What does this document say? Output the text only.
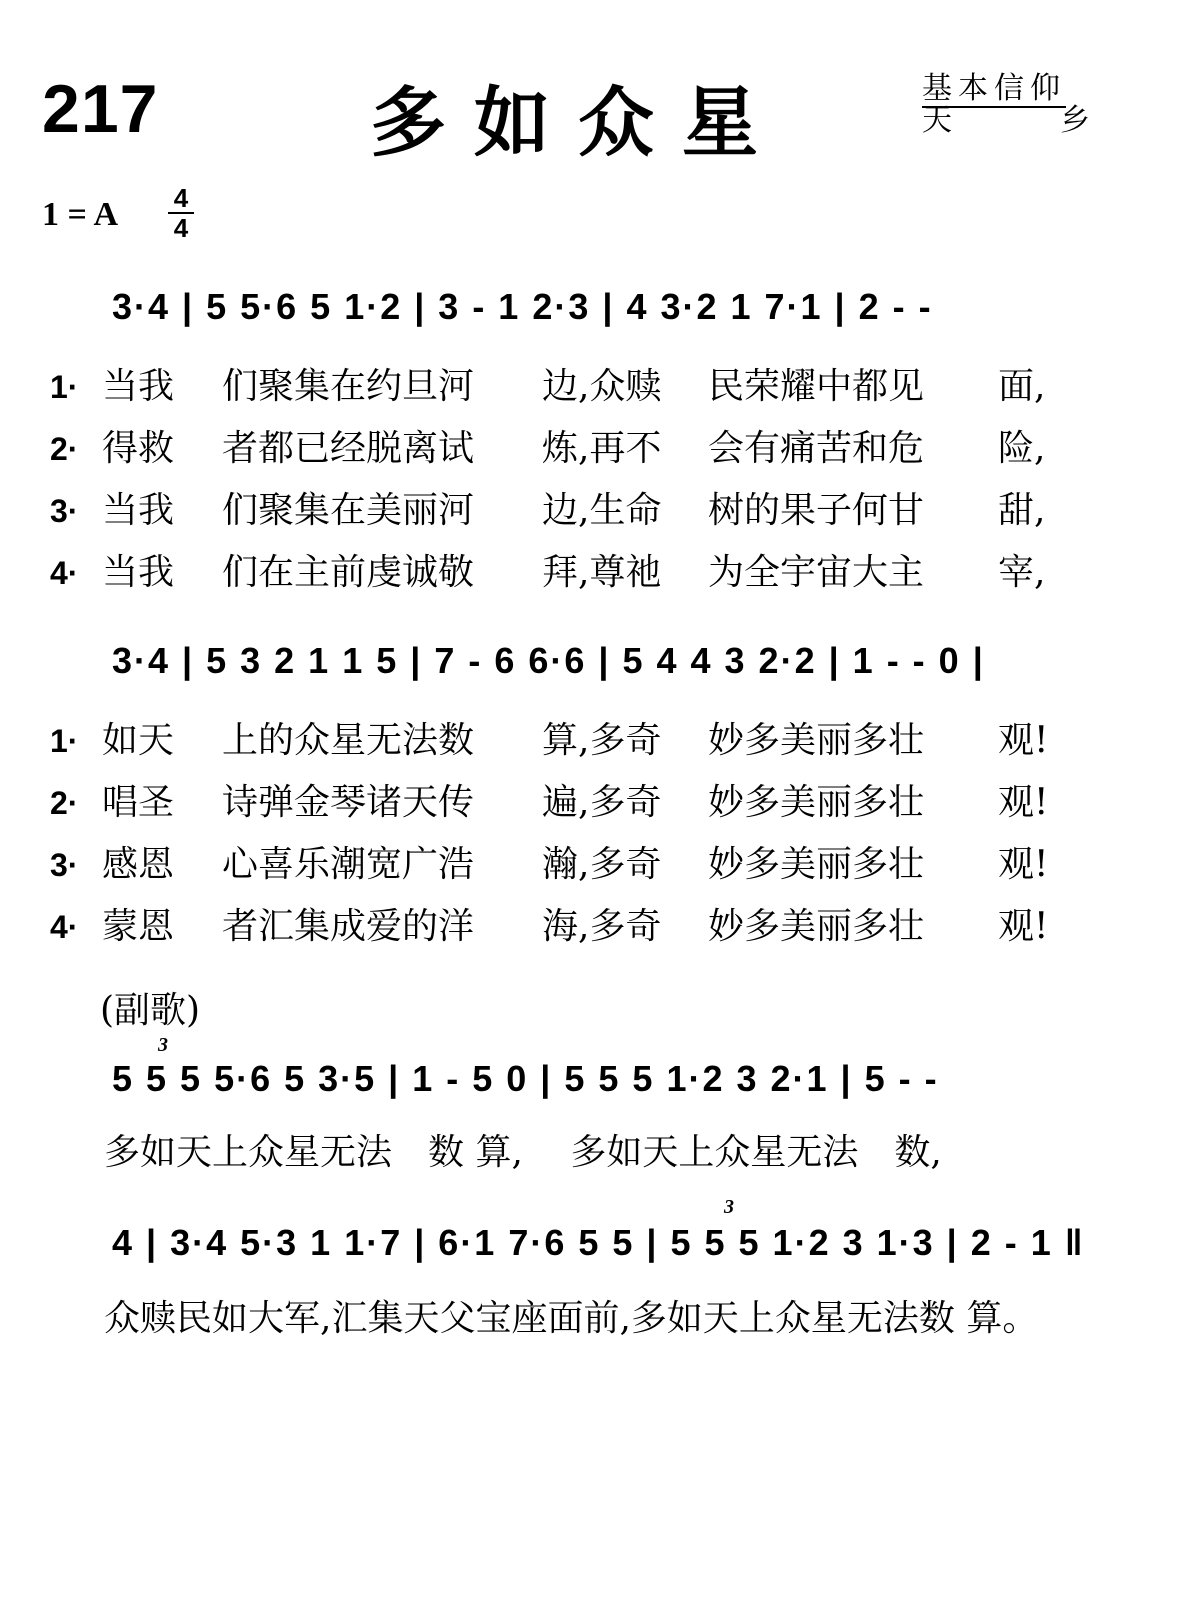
217	多如众星	基本信仰
天	乡
1 = A $\frac{4}{4}$
3·4 | 5 5·6 5 1·2 | 3 - 1 2·3 | 4 3·2 1 7·1 | 2 - -
1· 当我 们聚集在约旦河 边,众赎 民荣耀中都见 面,
2· 得救 者都已经脱离试 炼,再不 会有痛苦和危 险,
3· 当我 们聚集在美丽河 边,生命 树的果子何甘 甜,
4· 当我 们在主前虔诚敬 拜,尊祂 为全宇宙大主 宰,
3·4 | 5 3 2 1 1 5 | 7 - 6 6·6 | 5 4 4 3 2·2 | 1 - - 0 |
1· 如天 上的众星无法数 算,多奇 妙多美丽多壮 观!
2· 唱圣 诗弹金琴诸天传 遍,多奇 妙多美丽多壮 观!
3· 感恩 心喜乐潮宽广浩 瀚,多奇 妙多美丽多壮 观!
4· 蒙恩 者汇集成爱的洋 海,多奇 妙多美丽多壮 观!
(副歌)
3
5 5 5 5·6 5 3·5 | 1 - 5 0 | 5 5 5 1·2 3 2·1 | 5 - -
多如天上众星无法　数 算,　 多如天上众星无法　数,
3
4 | 3·4 5·3 1 1·7 | 6·1 7·6 5 5 | 5 5 5 1·2 3 1·3 | 2 - 1 ‖
众赎民如大军,汇集天父宝座面前,多如天上众星无法数 算。
